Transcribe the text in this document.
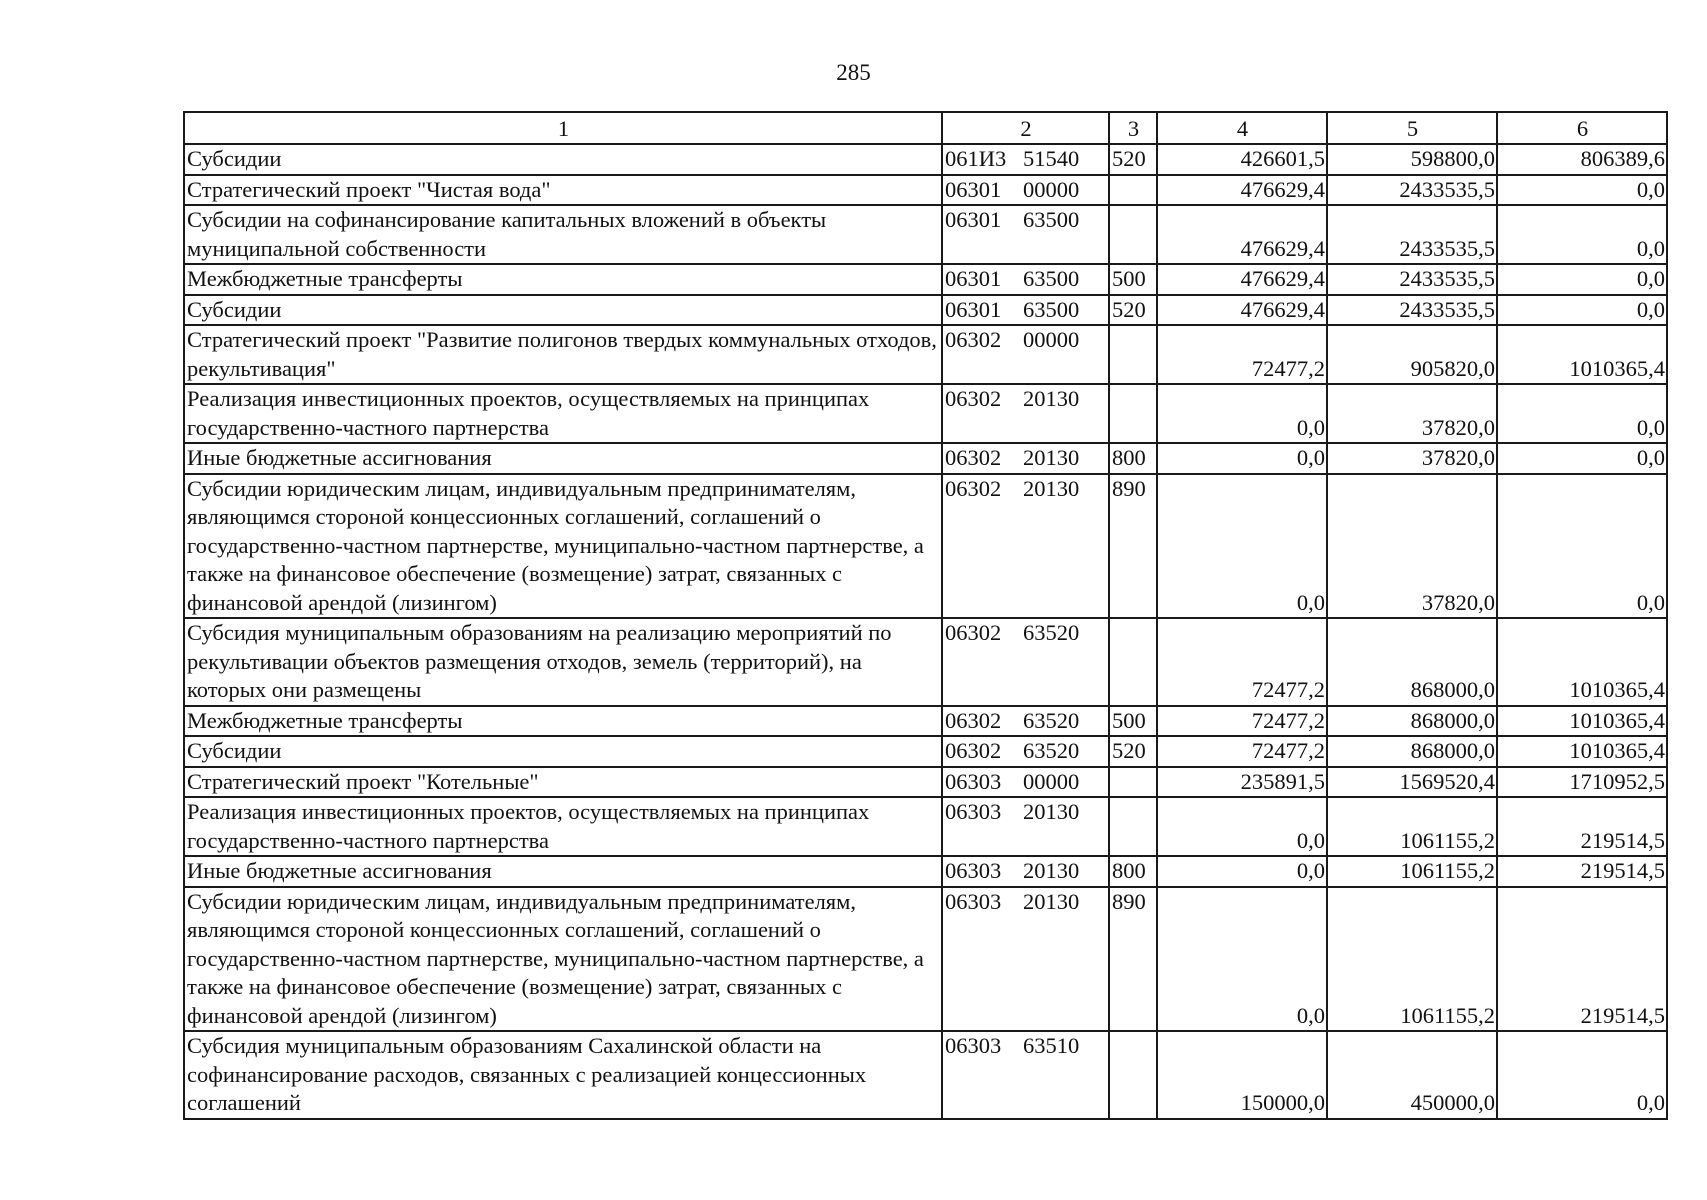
285
1	2	3	4	5	6
Субсидии	061И3 51540	520	426601,5	598800,0	806389,6
Стратегический проект "Чистая вода"	06301 00000		476629,4	2433535,5	0,0
Субсидии на софинансирование капитальных вложений в объекты муниципальной собственности	06301 63500		476629,4	2433535,5	0,0
Межбюджетные трансферты	06301 63500	500	476629,4	2433535,5	0,0
Субсидии	06301 63500	520	476629,4	2433535,5	0,0
Стратегический проект "Развитие полигонов твердых коммунальных отходов, рекультивация"	06302 00000		72477,2	905820,0	1010365,4
Реализация инвестиционных проектов, осуществляемых на принципах государственно-частного партнерства	06302 20130		0,0	37820,0	0,0
Иные бюджетные ассигнования	06302 20130	800	0,0	37820,0	0,0
Субсидии юридическим лицам, индивидуальным предпринимателям, являющимся стороной концессионных соглашений, соглашений о государственно-частном партнерстве, муниципально-частном партнерстве, а также на финансовое обеспечение (возмещение) затрат, связанных с финансовой арендой (лизингом)	06302 20130	890	0,0	37820,0	0,0
Субсидия муниципальным образованиям на реализацию мероприятий по рекультивации объектов размещения отходов, земель (территорий), на которых они размещены	06302 63520		72477,2	868000,0	1010365,4
Межбюджетные трансферты	06302 63520	500	72477,2	868000,0	1010365,4
Субсидии	06302 63520	520	72477,2	868000,0	1010365,4
Стратегический проект "Котельные"	06303 00000		235891,5	1569520,4	1710952,5
Реализация инвестиционных проектов, осуществляемых на принципах государственно-частного партнерства	06303 20130		0,0	1061155,2	219514,5
Иные бюджетные ассигнования	06303 20130	800	0,0	1061155,2	219514,5
Субсидии юридическим лицам, индивидуальным предпринимателям, являющимся стороной концессионных соглашений, соглашений о государственно-частном партнерстве, муниципально-частном партнерстве, а также на финансовое обеспечение (возмещение) затрат, связанных с финансовой арендой (лизингом)	06303 20130	890	0,0	1061155,2	219514,5
Субсидия муниципальным образованиям Сахалинской области на софинансирование расходов, связанных с реализацией концессионных соглашений	06303 63510		150000,0	450000,0	0,0
